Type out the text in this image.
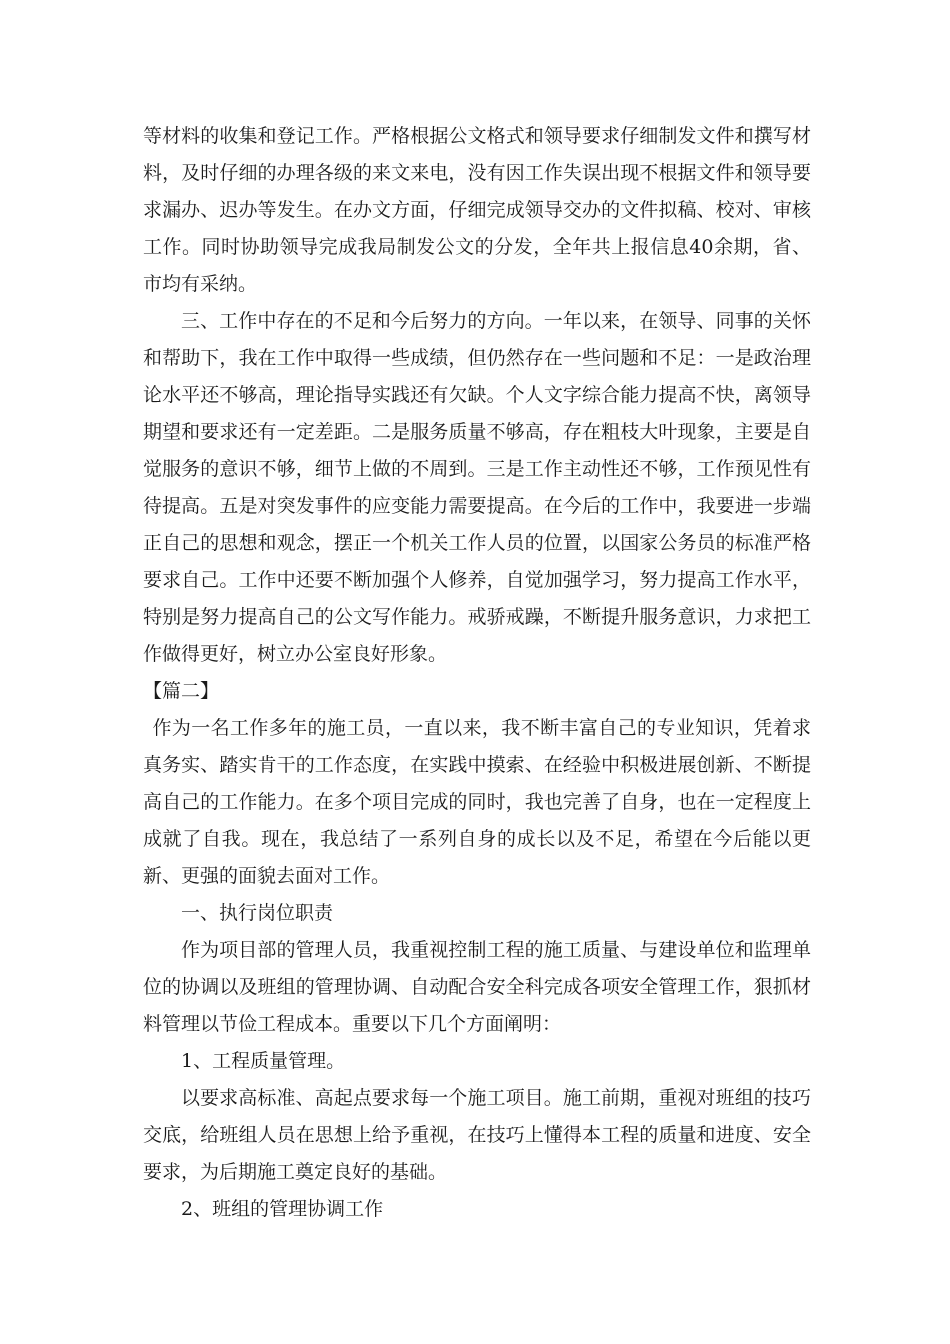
等材料的收集和登记工作。严格根据公文格式和领导要求仔细制发文件和撰写材料，及时仔细的办理各级的来文来电，没有因工作失误出现不根据文件和领导要求漏办、迟办等发生。在办文方面，仔细完成领导交办的文件拟稿、校对、审核工作。同时协助领导完成我局制发公文的分发，全年共上报信息40余期，省、市均有采纳。

三、工作中存在的不足和今后努力的方向。一年以来，在领导、同事的关怀和帮助下，我在工作中取得一些成绩，但仍然存在一些问题和不足：一是政治理论水平还不够高，理论指导实践还有欠缺。个人文字综合能力提高不快，离领导期望和要求还有一定差距。二是服务质量不够高，存在粗枝大叶现象，主要是自觉服务的意识不够，细节上做的不周到。三是工作主动性还不够，工作预见性有待提高。五是对突发事件的应变能力需要提高。在今后的工作中，我要进一步端正自己的思想和观念，摆正一个机关工作人员的位置，以国家公务员的标准严格要求自己。工作中还要不断加强个人修养，自觉加强学习，努力提高工作水平，特别是努力提高自己的公文写作能力。戒骄戒躁，不断提升服务意识，力求把工作做得更好，树立办公室良好形象。

【篇二】

作为一名工作多年的施工员，一直以来，我不断丰富自己的专业知识，凭着求真务实、踏实肯干的工作态度，在实践中摸索、在经验中积极进展创新、不断提高自己的工作能力。在多个项目完成的同时，我也完善了自身，也在一定程度上成就了自我。现在，我总结了一系列自身的成长以及不足，希望在今后能以更新、更强的面貌去面对工作。

一、执行岗位职责

作为项目部的管理人员，我重视控制工程的施工质量、与建设单位和监理单位的协调以及班组的管理协调、自动配合安全科完成各项安全管理工作，狠抓材料管理以节俭工程成本。重要以下几个方面阐明：

1、工程质量管理。

以要求高标准、高起点要求每一个施工项目。施工前期，重视对班组的技巧交底，给班组人员在思想上给予重视，在技巧上懂得本工程的质量和进度、安全要求，为后期施工奠定良好的基础。

2、班组的管理协调工作
